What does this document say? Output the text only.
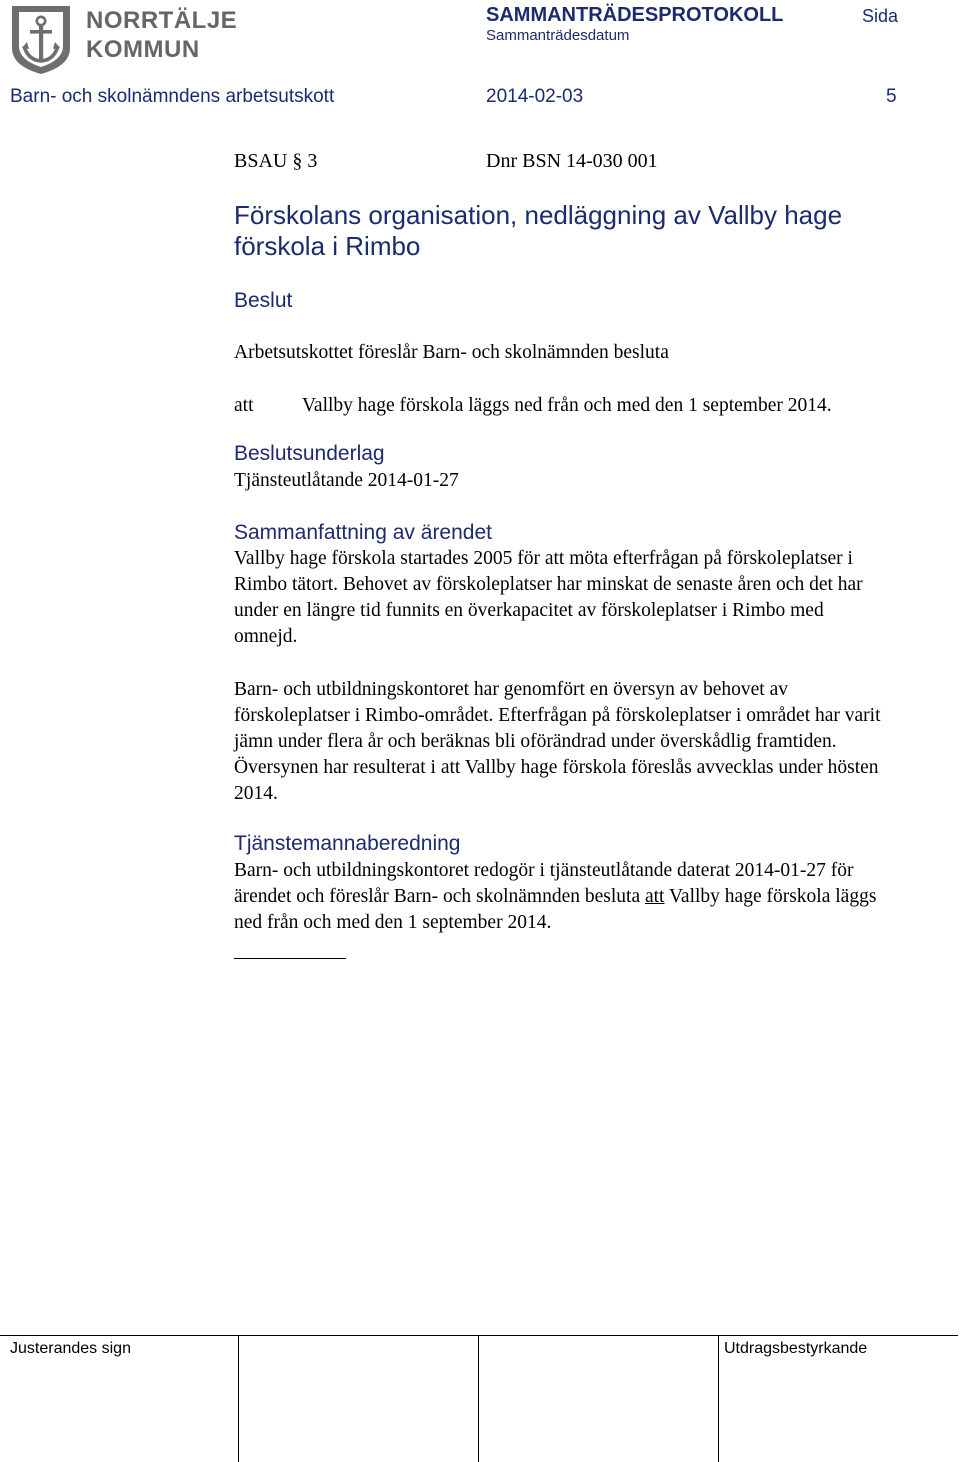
NORRTÄLJE
KOMMUN
SAMMANTRÄDESPROTOKOLL
Sammanträdesdatum
Sida
Barn- och skolnämndens arbetsutskott	2014-02-03	5
BSAU § 3	Dnr BSN 14-030 001
Förskolans organisation, nedläggning av Vallby hage förskola i Rimbo
Beslut
Arbetsutskottet föreslår Barn- och skolnämnden besluta
att Vallby hage förskola läggs ned från och med den 1 september 2014.
Beslutsunderlag
Tjänsteutlåtande 2014-01-27
Sammanfattning av ärendet
Vallby hage förskola startades 2005 för att möta efterfrågan på förskoleplatser i Rimbo tätort. Behovet av förskoleplatser har minskat de senaste åren och det har under en längre tid funnits en överkapacitet av förskoleplatser i Rimbo med omnejd.
Barn- och utbildningskontoret har genomfört en översyn av behovet av förskoleplatser i Rimbo-området. Efterfrågan på förskoleplatser i området har varit jämn under flera år och beräknas bli oförändrad under överskådlig framtiden. Översynen har resulterat i att Vallby hage förskola föreslås avvecklas under hösten 2014.
Tjänstemannaberedning
Barn- och utbildningskontoret redogör i tjänsteutlåtande daterat 2014-01-27 för ärendet och föreslår Barn- och skolnämnden besluta att Vallby hage förskola läggs ned från och med den 1 september 2014.
Justerandes sign	Utdragsbestyrkande
